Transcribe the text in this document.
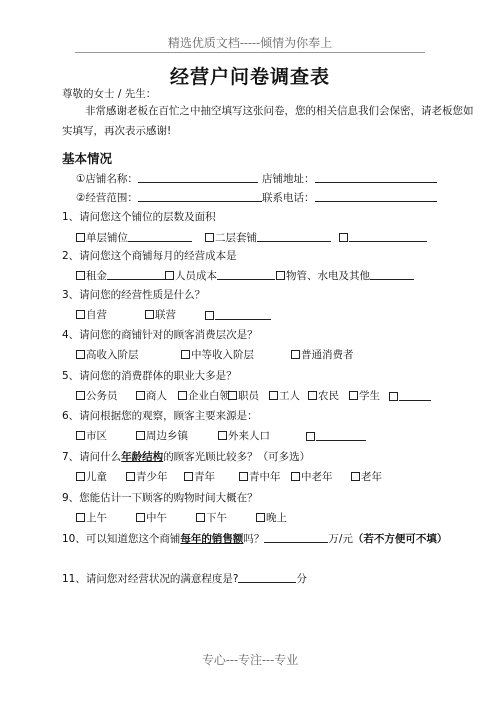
精选优质文档-----倾情为你奉上
经营户问卷调查表
尊敬的女士 / 先生：
非常感谢老板在百忙之中抽空填写这张问卷，您的相关信息我们会保密，请老板您如实填写，再次表示感谢!
基本情况
①店铺名称：	店铺地址：
②经营范围：	联系电话：
1、请问您这个铺位的层数及面积
单层铺位	二层套铺
2、请问您这个商铺每月的经营成本是
租金	人员成本	物管、水电及其他
3、请问您的经营性质是什么？
自营	联营
4、请问您的商铺针对的顾客消费层次是？
高收入阶层	中等收入阶层	普通消费者
5、请问您的消费群体的职业大多是？
公务员	商人	企业白领 职员	工人	农民	学生
6、请问根据您的观察，顾客主要来源是：
市区	周边乡镇	外来人口
7、请问什么年龄结构的顾客光顾比较多？（可多选）
儿童	青少年	青年	青中年	中老年	老年
9、您能估计一下顾客的购物时间大概在？
上午	中午	下午	晚上
10、可以知道您这个商铺每年的销售额吗？	万/元（若不方便可不填）
11、请问您对经营状况的满意程度是?	分
专心---专注---专业
